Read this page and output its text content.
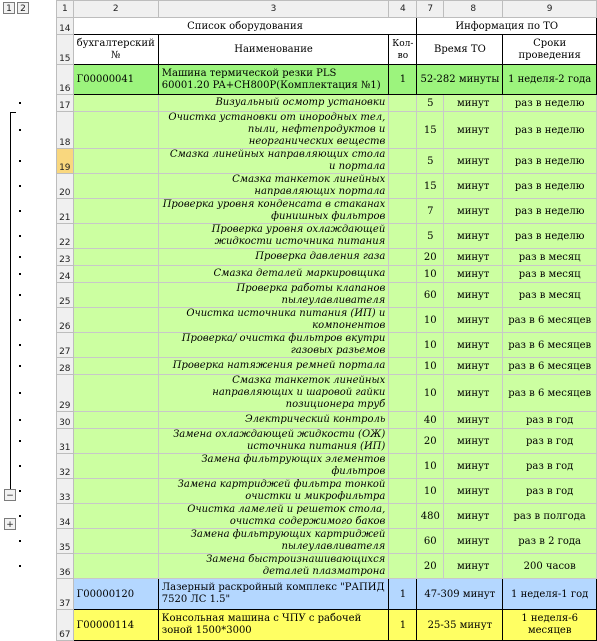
1 2
−
+
1	2	3	4	7	8	9
14	Список оборудования			Информация по ТО		
15	бухгалтерский №	Наименование	Кол-во	Время ТО		Сроки проведения
16	Г00000041	Машина термической резки PLS 60001.20 PA+CH800P(Комплектация №1)	1	52-282 минуты		1 неделя-2 года
17		Визуальный осмотр установки		5	минут	раз в неделю
18		Очистка установки от инородных тел, пыли, нефтепродуктов и неорганических веществ		15	минут	раз в неделю
19		Смазка линейных направляющих стола и портала		5	минут	раз в неделю
20		Смазка танкеток линейных направляющих портала		15	минут	раз в неделю
21		Проверка уровня конденсата в стаканах финишных фильтров		7	минут	раз в неделю
22		Проверка уровня охлаждающей жидкости источника питания		5	минут	раз в неделю
23		Проверка давления газа		20	минут	раз в месяц
24		Смазка деталей маркировщика		10	минут	раз в месяц
25		Проверка работы клапанов пылеулавливателя		60	минут	раз в месяц
26		Очистка источника питания (ИП) и компонентов		10	минут	раз в 6 месяцев
27		Проверка/ очистка фильтров вкутри газовых разьемов		10	минут	раз в 6 месяцев
28		Проверка натяжения ремней портала		10	минут	раз в 6 месяцев
29		Смазка танкеток линейных направляющих и шаровой гайки позиционера труб		10	минут	раз в 6 месяцев
30		Электрический контроль		40	минут	раз в год
31		Замена охлаждающей жидкости (ОЖ) источника питания (ИП)		20	минут	раз в год
32		Замена фильтрующих элементов фильтров		10	минут	раз в год
33		Замена картриджей фильтра тонкой очистки и микрофильтра		10	минут	раз в год
34		Очистка ламелей и решеток стола, очистка содержимого баков		480	минут	раз в полгода
35		Замена фильтрующих картриджей пылеулавливателя		60	минут	раз в 2 года
36		Замена быстроизнашивающихся деталей плазматрона		20	минут	200 часов
37	Г00000120	Лазерный раскройный комплекс "РАПИД 7520 ЛС 1.5"	1	47-309 минут		1 неделя-1 год
67	Г00000114	Консольная машина с ЧПУ с рабочей зоной 1500*3000	1	25-35 минут		1 неделя-6 месяцев
